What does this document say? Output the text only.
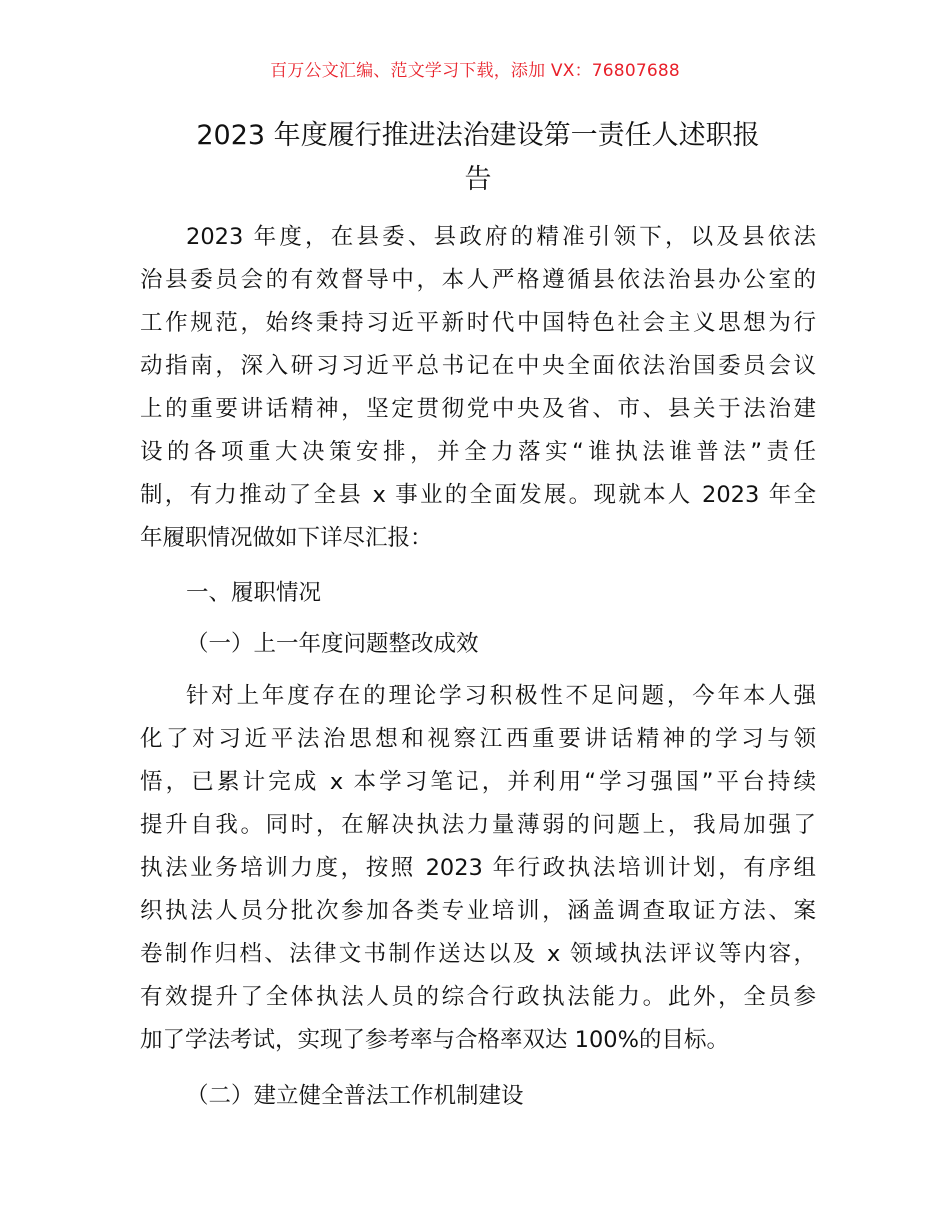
百万公文汇编、范文学习下载，添加 VX：76807688
2023 年度履行推进法治建设第一责任人述职报
告
2023 年度，在县委、县政府的精准引领下，以及县依法
治县委员会的有效督导中，本人严格遵循县依法治县办公室的
工作规范，始终秉持习近平新时代中国特色社会主义思想为行
动指南，深入研习习近平总书记在中央全面依法治国委员会议
上的重要讲话精神，坚定贯彻党中央及省、市、县关于法治建
设的各项重大决策安排，并全力落实“谁执法谁普法”责任
制，有力推动了全县 x 事业的全面发展。现就本人 2023 年全
年履职情况做如下详尽汇报：
一、履职情况
（一）上一年度问题整改成效
针对上年度存在的理论学习积极性不足问题，今年本人强
化了对习近平法治思想和视察江西重要讲话精神的学习与领
悟，已累计完成 x 本学习笔记，并利用“学习强国”平台持续
提升自我。同时，在解决执法力量薄弱的问题上，我局加强了
执法业务培训力度，按照 2023 年行政执法培训计划，有序组
织执法人员分批次参加各类专业培训，涵盖调查取证方法、案
卷制作归档、法律文书制作送达以及 x 领域执法评议等内容，
有效提升了全体执法人员的综合行政执法能力。此外，全员参
加了学法考试，实现了参考率与合格率双达 100%的目标。
（二）建立健全普法工作机制建设
